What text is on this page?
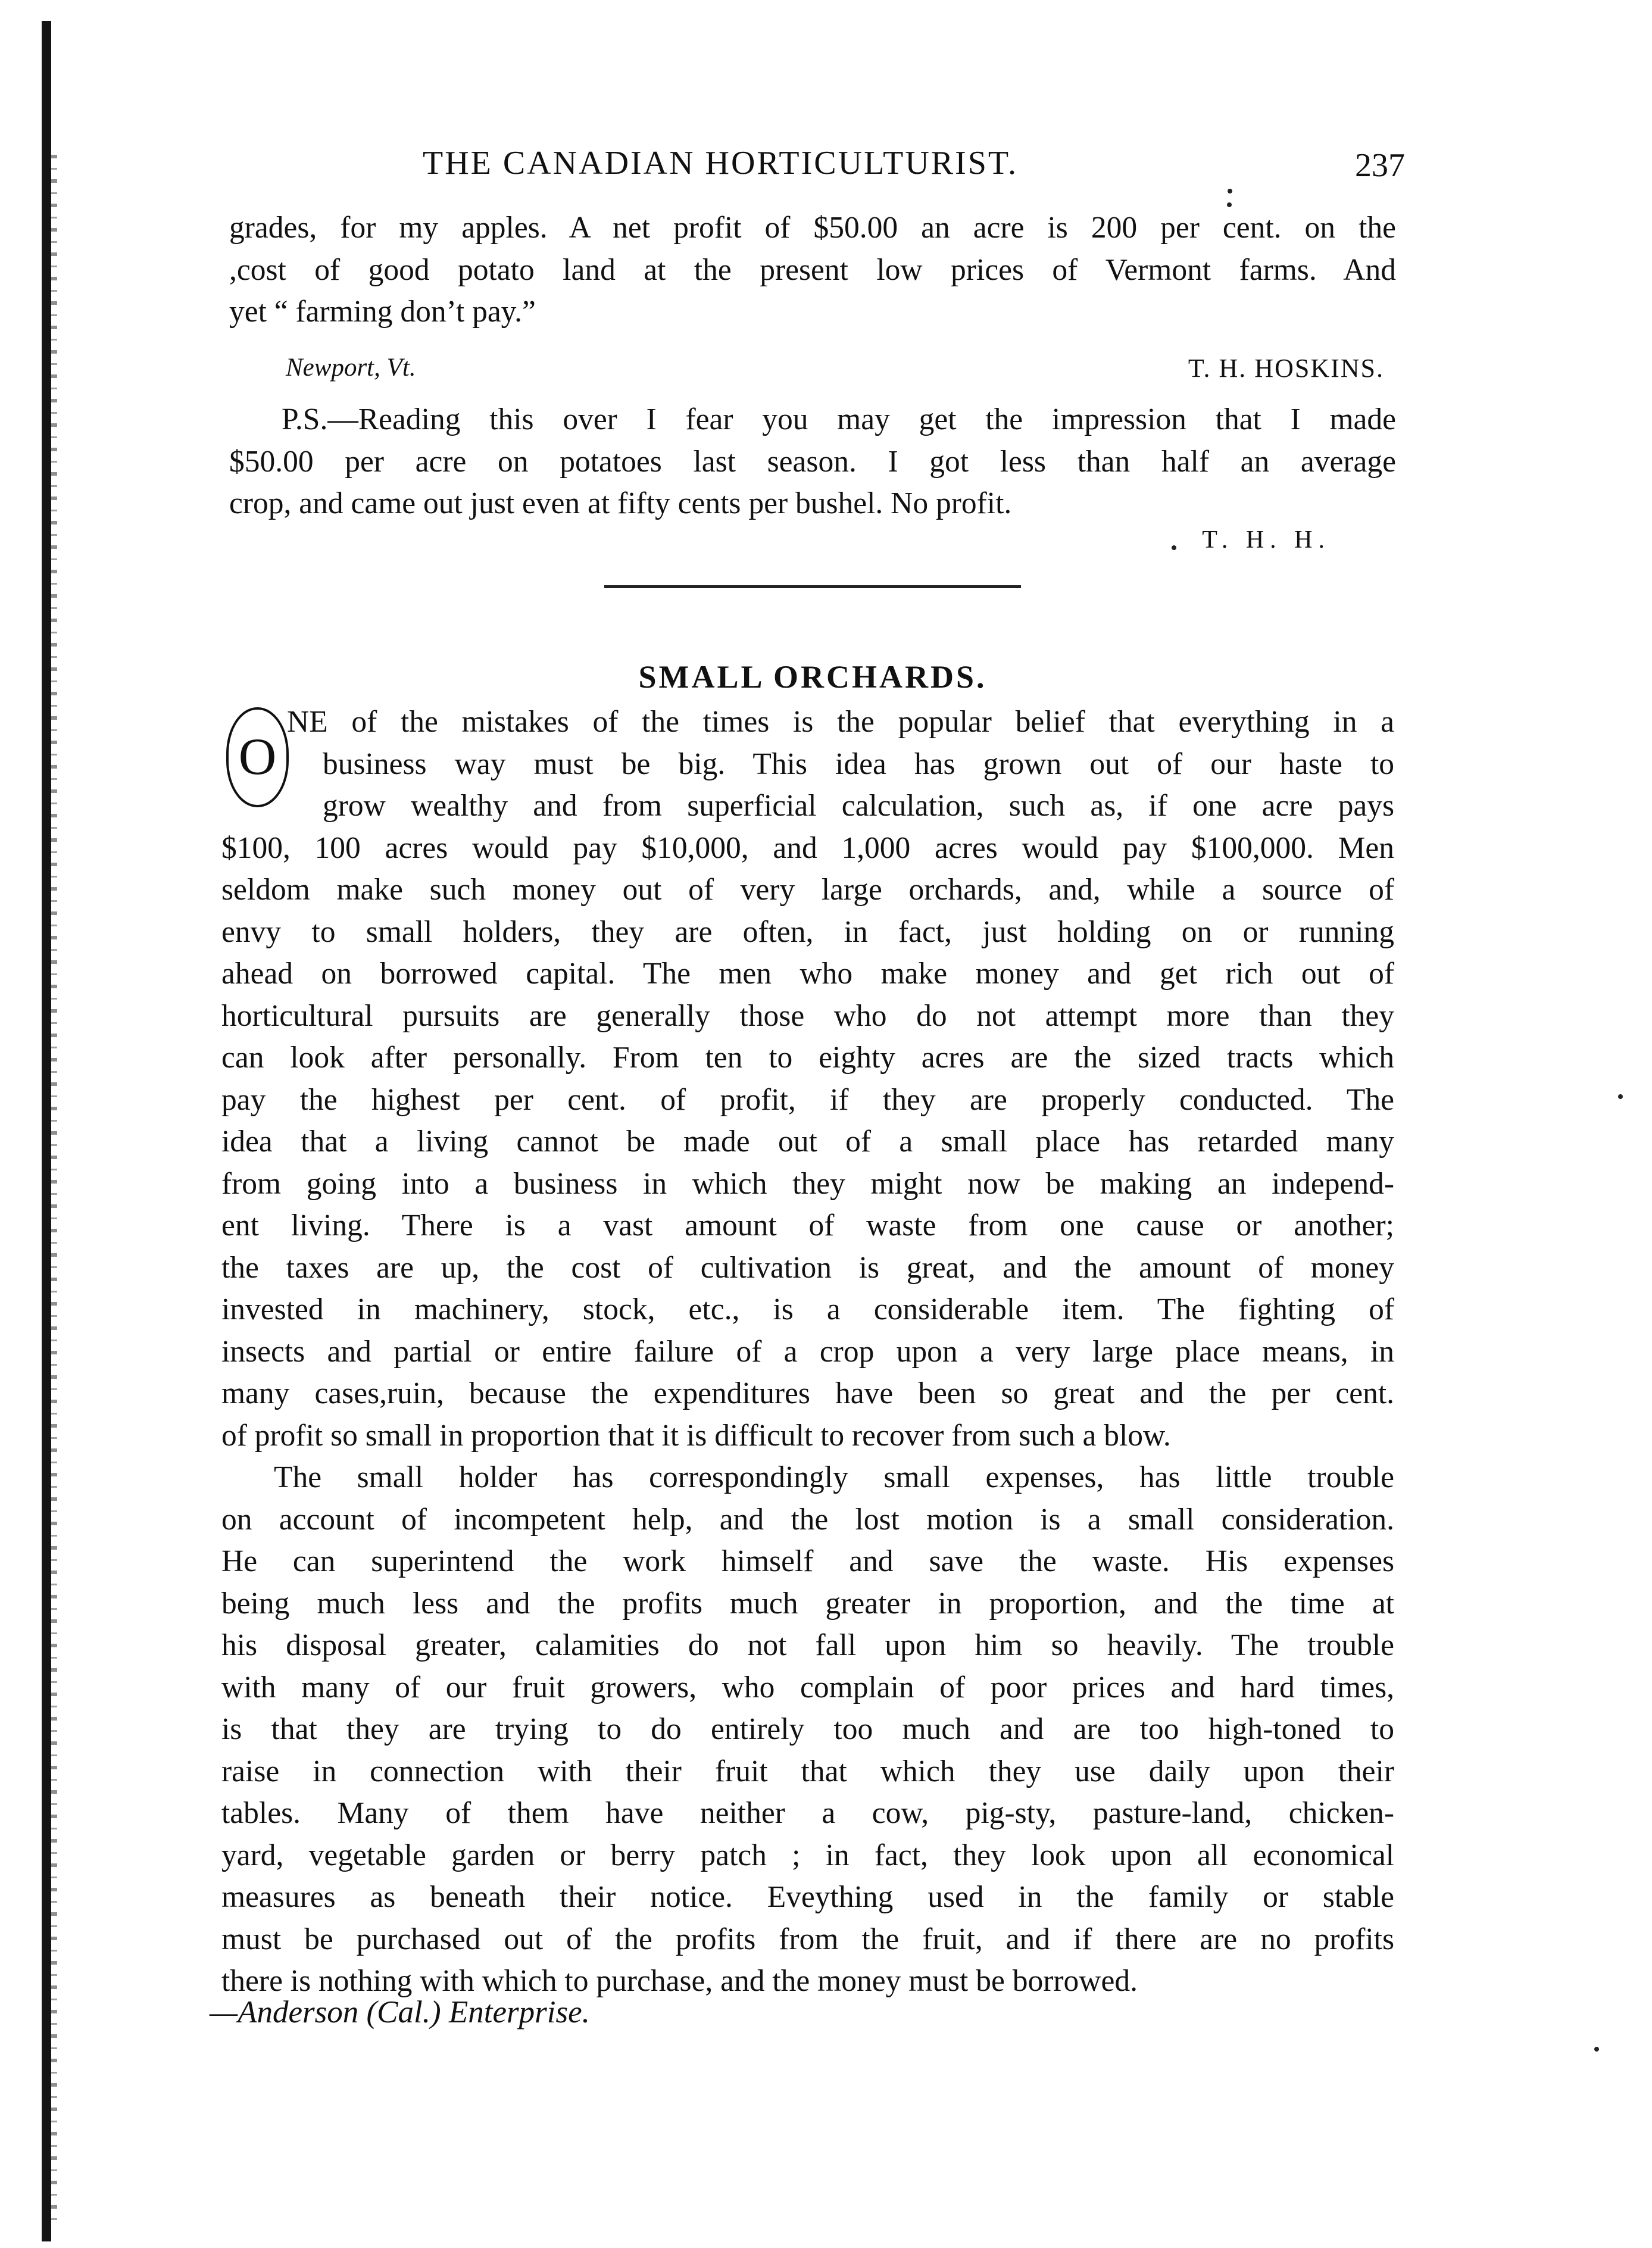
THE CANADIAN HORTICULTURIST.	237
grades, for my apples. A net profit of $50.00 an acre is 200 per cent. on the
,cost of good potato land at the present low prices of Vermont farms. And
yet “ farming don’t pay.”
Newport, Vt.	T. H. HOSKINS.
P.S.—Reading this over I fear you may get the impression that I made
$50.00 per acre on potatoes last season. I got less than half an average
crop, and came out just even at fifty cents per bushel. No profit.
T. H. H.
SMALL ORCHARDS.
O
NE of the mistakes of the times is the popular belief that everything in a
business way must be big. This idea has grown out of our haste to
grow wealthy and from superficial calculation, such as, if one acre pays
$100, 100 acres would pay $10,000, and 1,000 acres would pay $100,000. Men
seldom make such money out of very large orchards, and, while a source of
envy to small holders, they are often, in fact, just holding on or running
ahead on borrowed capital. The men who make money and get rich out of
horticultural pursuits are generally those who do not attempt more than they
can look after personally. From ten to eighty acres are the sized tracts which
pay the highest per cent. of profit, if they are properly conducted. The
idea that a living cannot be made out of a small place has retarded many
from going into a business in which they might now be making an independ-
ent living. There is a vast amount of waste from one cause or another;
the taxes are up, the cost of cultivation is great, and the amount of money
invested in machinery, stock, etc., is a considerable item. The fighting of
insects and partial or entire failure of a crop upon a very large place means, in
many cases,ruin, because the expenditures have been so great and the per cent.
of profit so small in proportion that it is difficult to recover from such a blow.
The small holder has correspondingly small expenses, has little trouble
on account of incompetent help, and the lost motion is a small consideration.
He can superintend the work himself and save the waste. His expenses
being much less and the profits much greater in proportion, and the time at
his disposal greater, calamities do not fall upon him so heavily. The trouble
with many of our fruit growers, who complain of poor prices and hard times,
is that they are trying to do entirely too much and are too high-toned to
raise in connection with their fruit that which they use daily upon their
tables. Many of them have neither a cow, pig-sty, pasture-land, chicken-
yard, vegetable garden or berry patch ; in fact, they look upon all economical
measures as beneath their notice. Eveything used in the family or stable
must be purchased out of the profits from the fruit, and if there are no profits
there is nothing with which to purchase, and the money must be borrowed.
—Anderson (Cal.) Enterprise.
